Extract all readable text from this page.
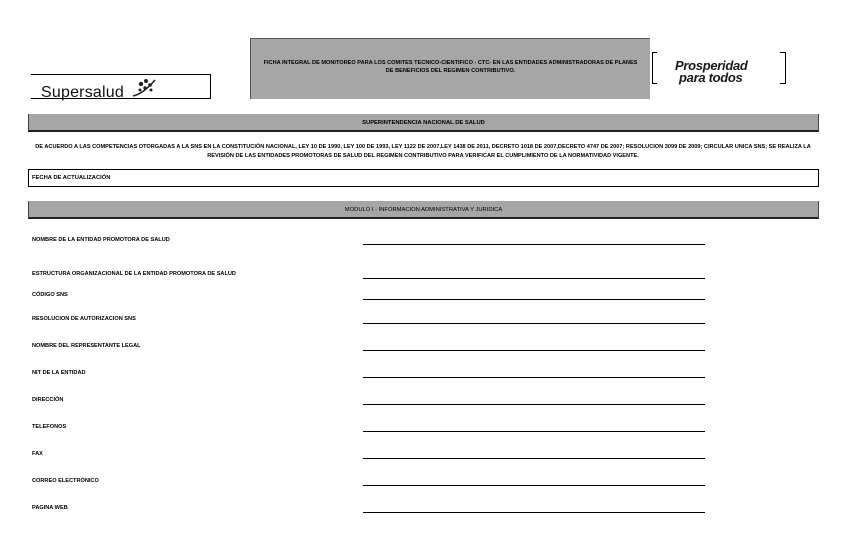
Supersalud
FICHA INTEGRAL DE MONITOREO PARA LOS COMITES TECNICO-CIENTIFICO - CTC- EN LAS ENTIDADES ADMINISTRADORAS DE PLANES
DE BENEFICIOS DEL REGIMEN CONTRIBUTIVO.	Prosperidad
para todos
SUPERINTENDENCIA NACIONAL DE SALUD
DE ACUERDO A LAS COMPETENCIAS OTORGADAS A LA SNS EN LA CONSTITUCIÓN NACIONAL, LEY 10 DE 1990, LEY 100 DE 1993, LEY 1122 DE 2007,LEY 1438 DE 2011, DECRETO 1018 DE 2007,DECRETO 4747 DE 2007; RESOLUCION 3099 DE 2009; CIRCULAR UNICA SNS; SE REALIZA LA REVISIÓN DE LAS ENTIDADES PROMOTORAS DE SALUD DEL REGIMEN CONTRIBUTIVO PARA VERIFICAR EL CUMPLIMIENTO DE LA NORMATIVIDAD VIGENTE.
FECHA DE ACTUALIZACIÓN
MODULO I - INFORMACION ADMINISTRATIVA Y JURIDICA
NOMBRE DE LA ENTIDAD PROMOTORA DE SALUD
ESTRUCTURA ORGANIZACIONAL DE LA ENTIDAD PROMOTORA DE SALUD
CÓDIGO SNS
RESOLUCION DE AUTORIZACION SNS
NOMBRE DEL REPRESENTANTE LEGAL
NIT DE LA ENTIDAD
DIRECCIÓN
TELEFONOS
FAX
CORREO ELECTRÓNICO
PAGINA WEB
